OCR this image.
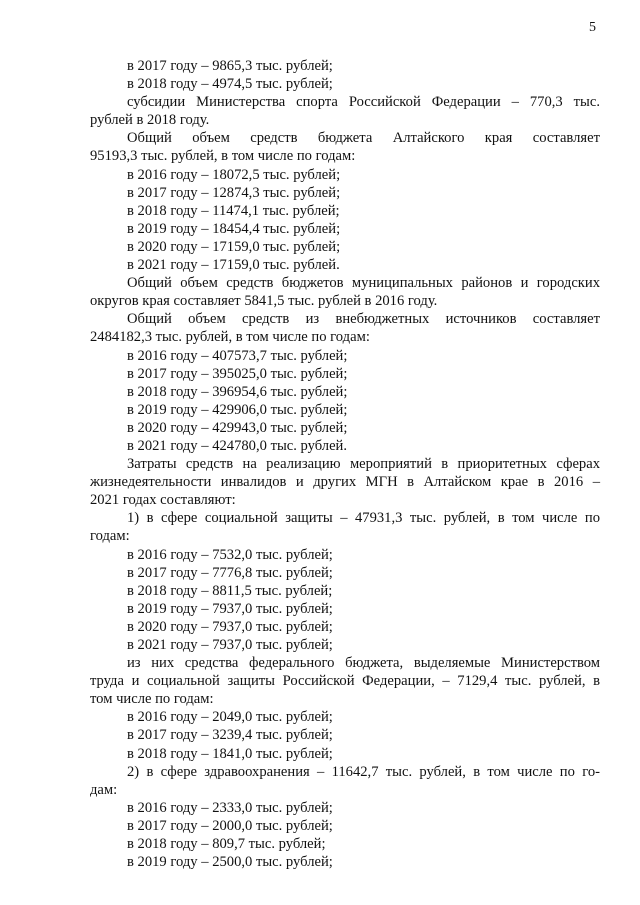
5
в 2017 году – 9865,3 тыс. рублей;
в 2018 году – 4974,5 тыс. рублей;
субсидии Министерства спорта Российской Федерации – 770,3 тыс.
рублей в 2018 году.
Общий объем средств бюджета Алтайского края составляет
95193,3 тыс. рублей, в том числе по годам:
в 2016 году – 18072,5 тыс. рублей;
в 2017 году – 12874,3 тыс. рублей;
в 2018 году – 11474,1 тыс. рублей;
в 2019 году – 18454,4 тыс. рублей;
в 2020 году – 17159,0 тыс. рублей;
в 2021 году – 17159,0 тыс. рублей.
Общий объем средств бюджетов муниципальных районов и городских
округов края составляет 5841,5 тыс. рублей в 2016 году.
Общий объем средств из внебюджетных источников составляет
2484182,3 тыс. рублей, в том числе по годам:
в 2016 году – 407573,7 тыс. рублей;
в 2017 году – 395025,0 тыс. рублей;
в 2018 году – 396954,6 тыс. рублей;
в 2019 году – 429906,0 тыс. рублей;
в 2020 году – 429943,0 тыс. рублей;
в 2021 году – 424780,0 тыс. рублей.
Затраты средств на реализацию мероприятий в приоритетных сферах
жизнедеятельности инвалидов и других МГН в Алтайском крае в 2016 –
2021 годах составляют:
1) в сфере социальной защиты – 47931,3 тыс. рублей, в том числе по
годам:
в 2016 году – 7532,0 тыс. рублей;
в 2017 году – 7776,8 тыс. рублей;
в 2018 году – 8811,5 тыс. рублей;
в 2019 году – 7937,0 тыс. рублей;
в 2020 году – 7937,0 тыс. рублей;
в 2021 году – 7937,0 тыс. рублей;
из них средства федерального бюджета, выделяемые Министерством
труда и социальной защиты Российской Федерации, – 7129,4 тыс. рублей, в
том числе по годам:
в 2016 году – 2049,0 тыс. рублей;
в 2017 году – 3239,4 тыс. рублей;
в 2018 году – 1841,0 тыс. рублей;
2) в сфере здравоохранения – 11642,7 тыс. рублей, в том числе по го-
дам:
в 2016 году – 2333,0 тыс. рублей;
в 2017 году – 2000,0 тыс. рублей;
в 2018 году – 809,7 тыс. рублей;
в 2019 году – 2500,0 тыс. рублей;
